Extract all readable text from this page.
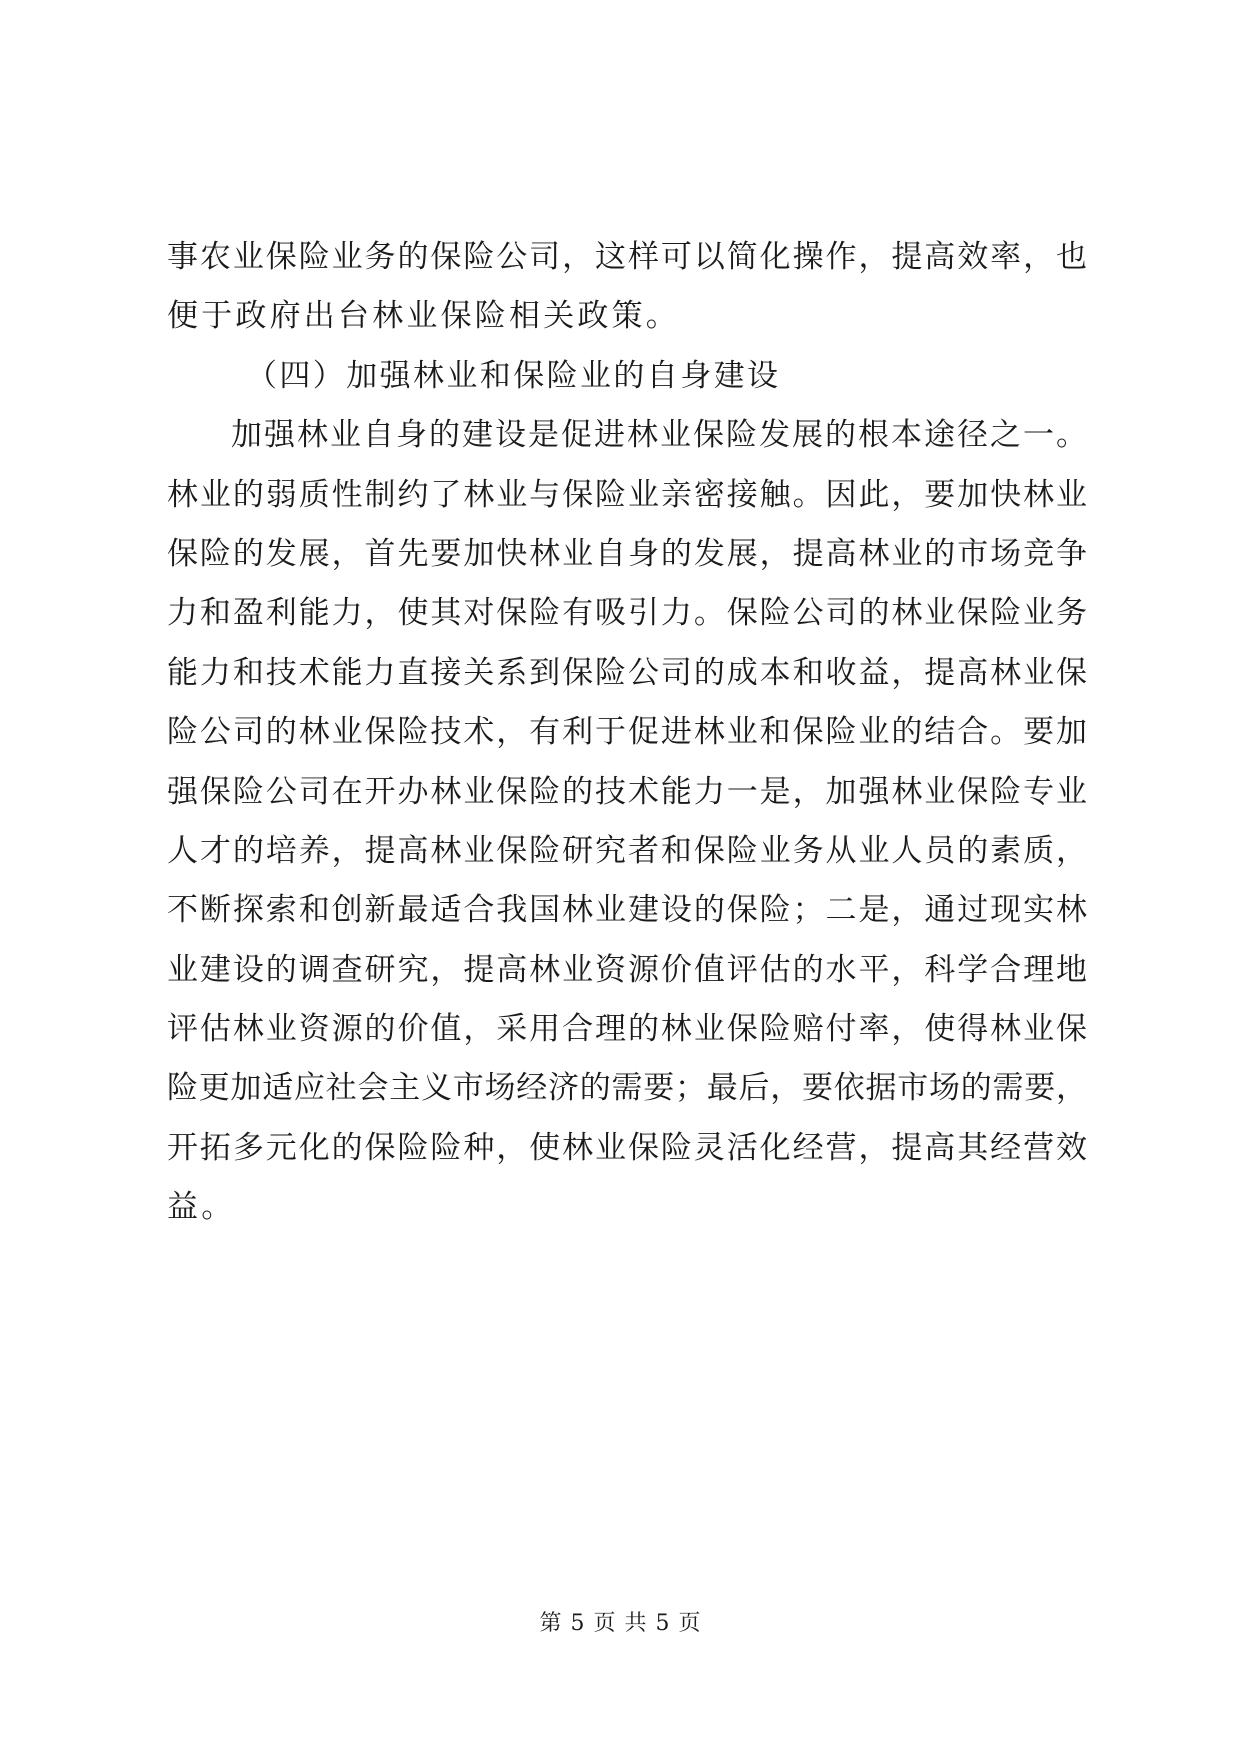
事农业保险业务的保险公司，这样可以简化操作，提高效率，也
便于政府出台林业保险相关政策。
（四）加强林业和保险业的自身建设
加强林业自身的建设是促进林业保险发展的根本途径之一。
林业的弱质性制约了林业与保险业亲密接触。因此，要加快林业
保险的发展，首先要加快林业自身的发展，提高林业的市场竞争
力和盈利能力，使其对保险有吸引力。保险公司的林业保险业务
能力和技术能力直接关系到保险公司的成本和收益，提高林业保
险公司的林业保险技术，有利于促进林业和保险业的结合。要加
强保险公司在开办林业保险的技术能力一是，加强林业保险专业
人才的培养，提高林业保险研究者和保险业务从业人员的素质，
不断探索和创新最适合我国林业建设的保险；二是，通过现实林
业建设的调查研究，提高林业资源价值评估的水平，科学合理地
评估林业资源的价值，采用合理的林业保险赔付率，使得林业保
险更加适应社会主义市场经济的需要；最后，要依据市场的需要，
开拓多元化的保险险种，使林业保险灵活化经营，提高其经营效
益。
第 5 页 共 5 页
